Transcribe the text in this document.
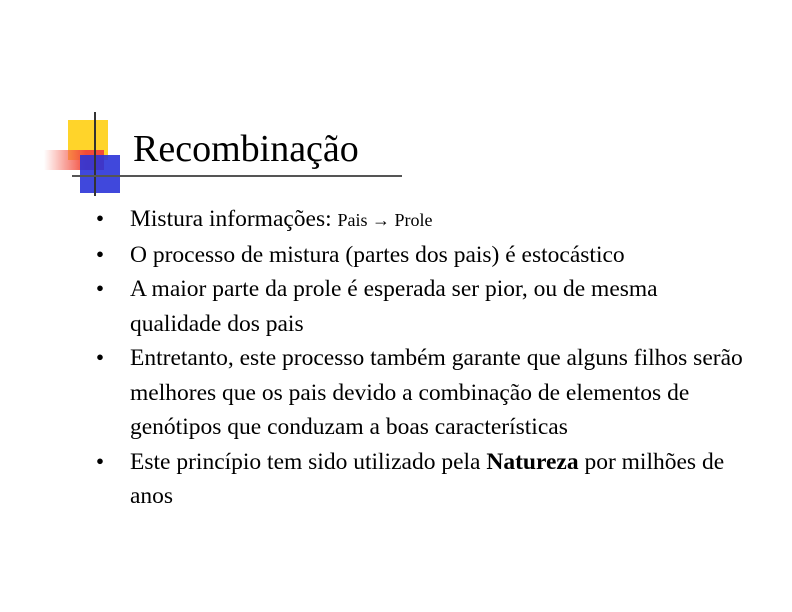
Recombinação
• Mistura informações: Pais → Prole
• O processo de mistura (partes dos pais) é estocástico
• A maior parte da prole é esperada ser pior, ou de mesma qualidade dos pais
• Entretanto, este processo também garante que alguns filhos serão melhores que os pais devido a combinação de elementos de genótipos que conduzam a boas características
• Este princípio tem sido utilizado pela Natureza por milhões de anos
